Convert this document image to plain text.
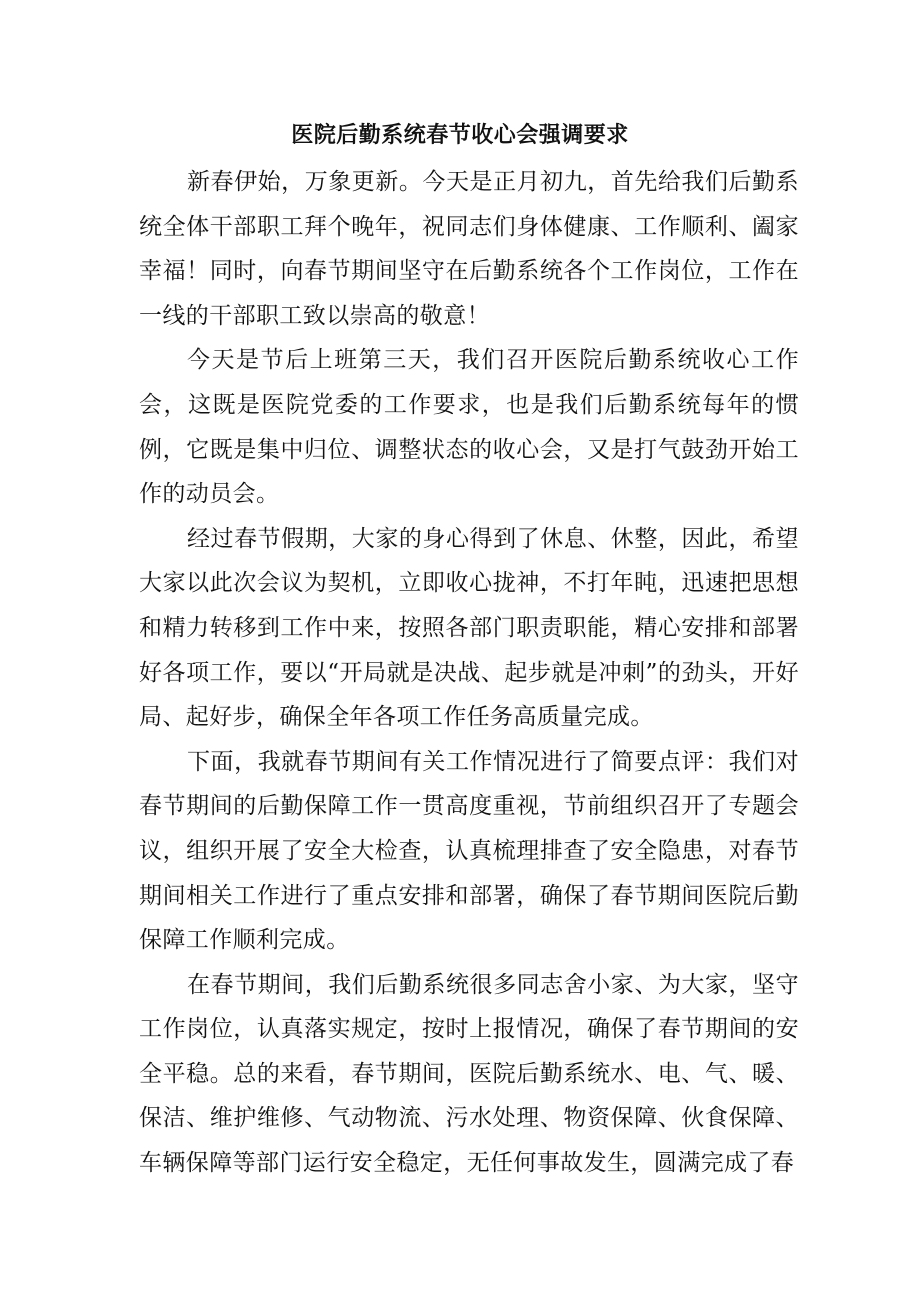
医院后勤系统春节收心会强调要求

新春伊始，万象更新。今天是正月初九，首先给我们后勤系统全体干部职工拜个晚年，祝同志们身体健康、工作顺利、阖家幸福！同时，向春节期间坚守在后勤系统各个工作岗位，工作在一线的干部职工致以崇高的敬意！

今天是节后上班第三天，我们召开医院后勤系统收心工作会，这既是医院党委的工作要求，也是我们后勤系统每年的惯例，它既是集中归位、调整状态的收心会，又是打气鼓劲开始工作的动员会。

经过春节假期，大家的身心得到了休息、休整，因此，希望大家以此次会议为契机，立即收心拢神，不打年盹，迅速把思想和精力转移到工作中来，按照各部门职责职能，精心安排和部署好各项工作，要以“开局就是决战、起步就是冲刺”的劲头，开好局、起好步，确保全年各项工作任务高质量完成。

下面，我就春节期间有关工作情况进行了简要点评：我们对春节期间的后勤保障工作一贯高度重视，节前组织召开了专题会议，组织开展了安全大检查，认真梳理排查了安全隐患，对春节期间相关工作进行了重点安排和部署，确保了春节期间医院后勤保障工作顺利完成。

在春节期间，我们后勤系统很多同志舍小家、为大家，坚守工作岗位，认真落实规定，按时上报情况，确保了春节期间的安全平稳。总的来看，春节期间，医院后勤系统水、电、气、暖、保洁、维护维修、气动物流、污水处理、物资保障、伙食保障、车辆保障等部门运行安全稳定，无任何事故发生，圆满完成了春
